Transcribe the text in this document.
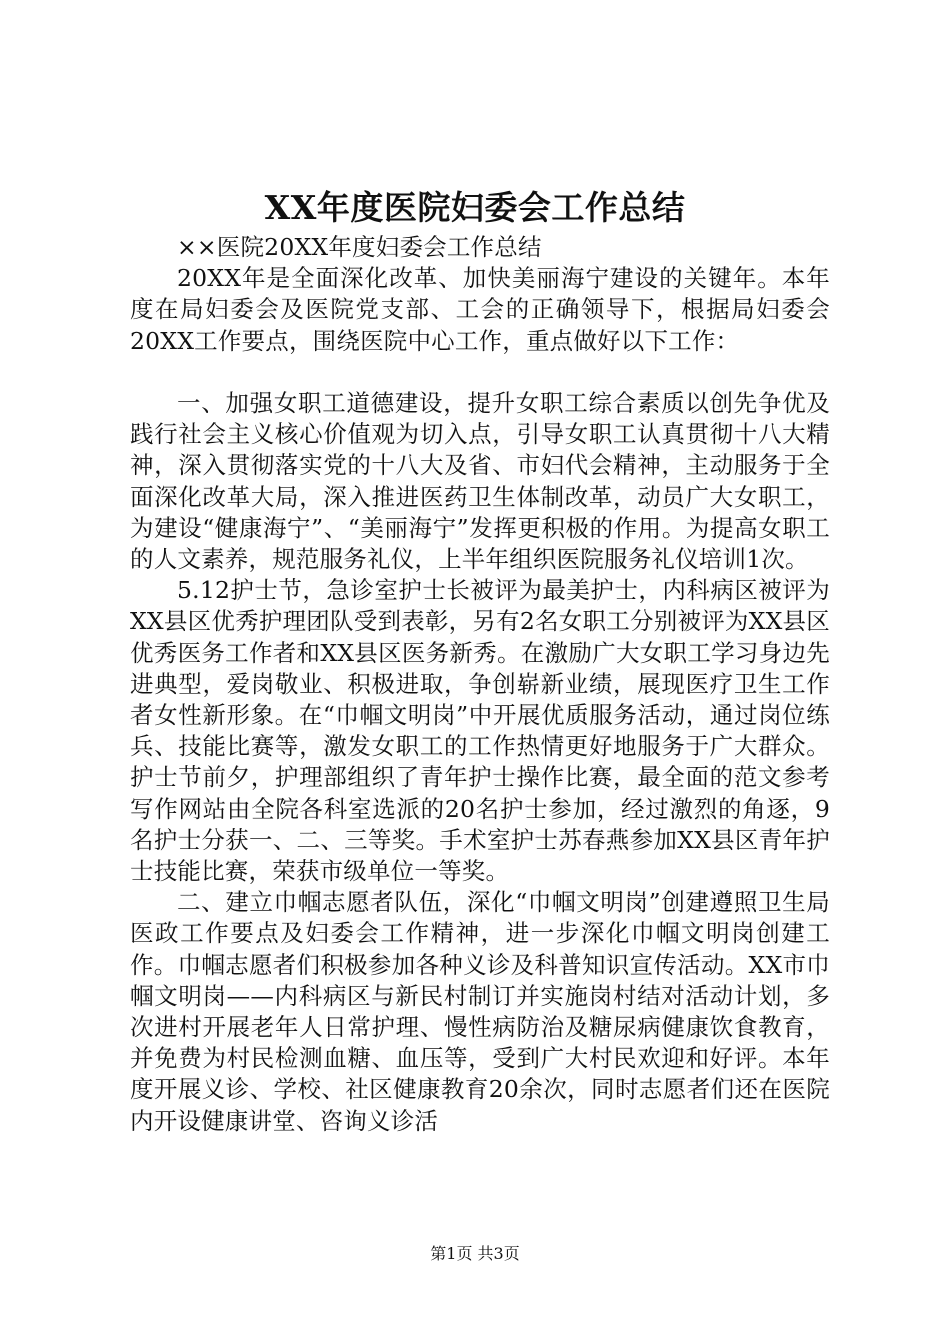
XX年度医院妇委会工作总结

××医院20XX年度妇委会工作总结

20XX年是全面深化改革、加快美丽海宁建设的关键年。本年度在局妇委会及医院党支部、工会的正确领导下，根据局妇委会20XX工作要点，围绕医院中心工作，重点做好以下工作：

一、加强女职工道德建设，提升女职工综合素质以创先争优及践行社会主义核心价值观为切入点，引导女职工认真贯彻十八大精神，深入贯彻落实党的十八大及省、市妇代会精神，主动服务于全面深化改革大局，深入推进医药卫生体制改革，动员广大女职工，为建设“健康海宁”、“美丽海宁”发挥更积极的作用。为提高女职工的人文素养，规范服务礼仪，上半年组织医院服务礼仪培训1次。

5.12护士节，急诊室护士长被评为最美护士，内科病区被评为XX县区优秀护理团队受到表彰，另有2名女职工分别被评为XX县区优秀医务工作者和XX县区医务新秀。在激励广大女职工学习身边先进典型，爱岗敬业、积极进取，争创崭新业绩，展现医疗卫生工作者女性新形象。在“巾帼文明岗”中开展优质服务活动，通过岗位练兵、技能比赛等，激发女职工的工作热情更好地服务于广大群众。护士节前夕，护理部组织了青年护士操作比赛，最全面的范文参考写作网站由全院各科室选派的20名护士参加，经过激烈的角逐，9名护士分获一、二、三等奖。手术室护士苏春燕参加XX县区青年护士技能比赛，荣获市级单位一等奖。

二、建立巾帼志愿者队伍，深化“巾帼文明岗”创建遵照卫生局医政工作要点及妇委会工作精神，进一步深化巾帼文明岗创建工作。巾帼志愿者们积极参加各种义诊及科普知识宣传活动。XX市巾帼文明岗——内科病区与新民村制订并实施岗村结对活动计划，多次进村开展老年人日常护理、慢性病防治及糖尿病健康饮食教育，并免费为村民检测血糖、血压等，受到广大村民欢迎和好评。本年度开展义诊、学校、社区健康教育20余次，同时志愿者们还在医院内开设健康讲堂、咨询义诊活

第1页 共3页
